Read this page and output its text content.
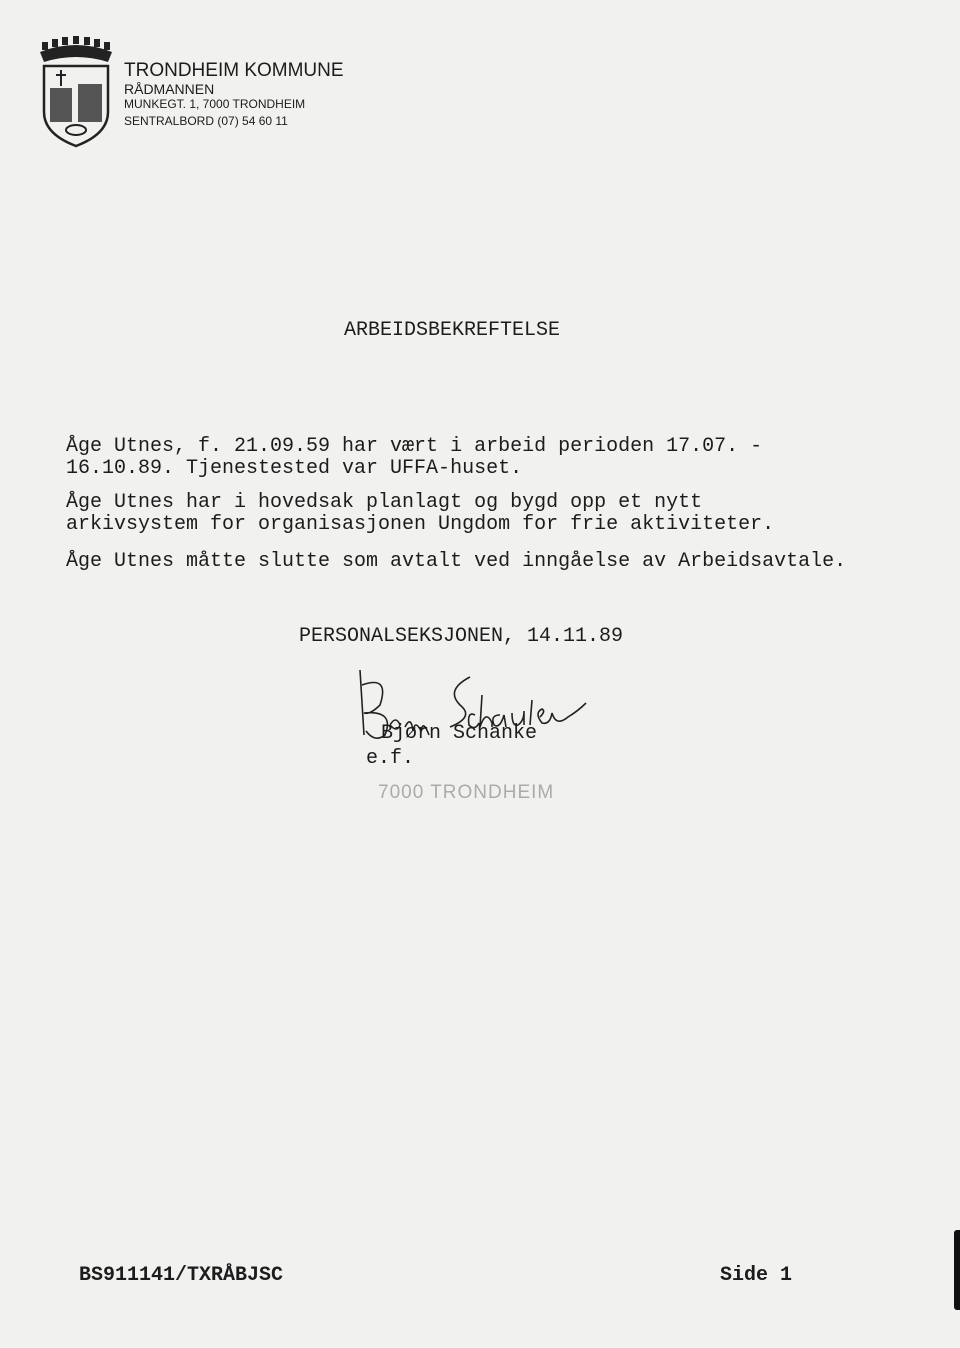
TRONDHEIM KOMMUNE
RÅDMANNEN
MUNKEGT. 1, 7000 TRONDHEIM
SENTRALBORD (07) 54 60 11
ARBEIDSBEKREFTELSE
Åge Utnes, f. 21.09.59 har vært i arbeid perioden 17.07. -
16.10.89. Tjenestested var UFFA-huset.
Åge Utnes har i hovedsak planlagt og bygd opp et nytt
arkivsystem for organisasjonen Ungdom for frie aktiviteter.
Åge Utnes måtte slutte som avtalt ved inngåelse av Arbeidsavtale.
PERSONALSEKSJONEN, 14.11.89
7000 TRONDHEIM
Bjørn Schanke
e.f.
BS911141/TXRÅBJSC	Side 1
